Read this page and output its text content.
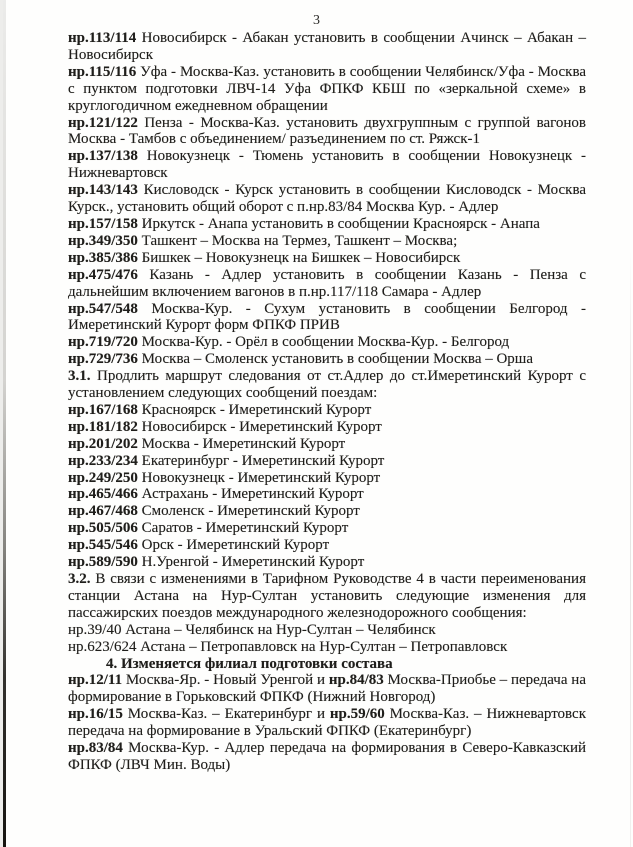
3

нр.113/114 Новосибирск - Абакан установить в сообщении Ачинск – Абакан – Новосибирск

нр.115/116 Уфа - Москва-Каз. установить в сообщении Челябинск/Уфа - Москва с пунктом подготовки ЛВЧ-14 Уфа ФПКФ КБШ по «зеркальной схеме» в круглогодичном ежедневном обращении

нр.121/122 Пенза - Москва-Каз. установить двухгруппным с группой вагонов Москва - Тамбов с объединением/ разъединением по ст. Ряжск-1

нр.137/138 Новокузнецк - Тюмень установить в сообщении Новокузнецк - Нижневартовск

нр.143/143 Кисловодск - Курск установить в сообщении Кисловодск - Москва Курск., установить общий оборот с п.нр.83/84 Москва Кур. - Адлер

нр.157/158 Иркутск - Анапа установить в сообщении Красноярск - Анапа

нр.349/350 Ташкент – Москва на Термез, Ташкент – Москва;

нр.385/386 Бишкек – Новокузнецк на Бишкек – Новосибирск

нр.475/476 Казань - Адлер установить в сообщении Казань - Пенза с дальнейшим включением вагонов в п.нр.117/118 Самара - Адлер

нр.547/548 Москва-Кур. - Сухум установить в сообщении Белгород - Имеретинский Курорт форм ФПКФ ПРИВ

нр.719/720 Москва-Кур. - Орёл в сообщении Москва-Кур. - Белгород

нр.729/736 Москва – Смоленск установить в сообщении Москва – Орша

3.1. Продлить маршрут следования от ст.Адлер до ст.Имеретинский Курорт с установлением следующих сообщений поездам:

нр.167/168 Красноярск - Имеретинский Курорт

нр.181/182 Новосибирск - Имеретинский Курорт

нр.201/202 Москва - Имеретинский Курорт

нр.233/234 Екатеринбург - Имеретинский Курорт

нр.249/250 Новокузнецк - Имеретинский Курорт

нр.465/466 Астрахань - Имеретинский Курорт

нр.467/468 Смоленск - Имеретинский Курорт

нр.505/506 Саратов - Имеретинский Курорт

нр.545/546 Орск - Имеретинский Курорт

нр.589/590 Н.Уренгой - Имеретинский Курорт

3.2. В связи с изменениями в Тарифном Руководстве 4 в части переименования станции Астана на Нур-Султан установить следующие изменения для пассажирских поездов международного железнодорожного сообщения:

нр.39/40 Астана – Челябинск на Нур-Султан – Челябинск

нр.623/624 Астана – Петропавловск на Нур-Султан – Петропавловск

4. Изменяется филиал подготовки состава

нр.12/11 Москва-Яр. - Новый Уренгой и нр.84/83 Москва-Приобье – передача на формирование в Горьковский ФПКФ (Нижний Новгород)

нр.16/15 Москва-Каз. – Екатеринбург и нр.59/60 Москва-Каз. – Нижневартовск передача на формирование в Уральский ФПКФ (Екатеринбург)

нр.83/84 Москва-Кур. - Адлер передача на формирования в Северо-Кавказский ФПКФ (ЛВЧ Мин. Воды)
